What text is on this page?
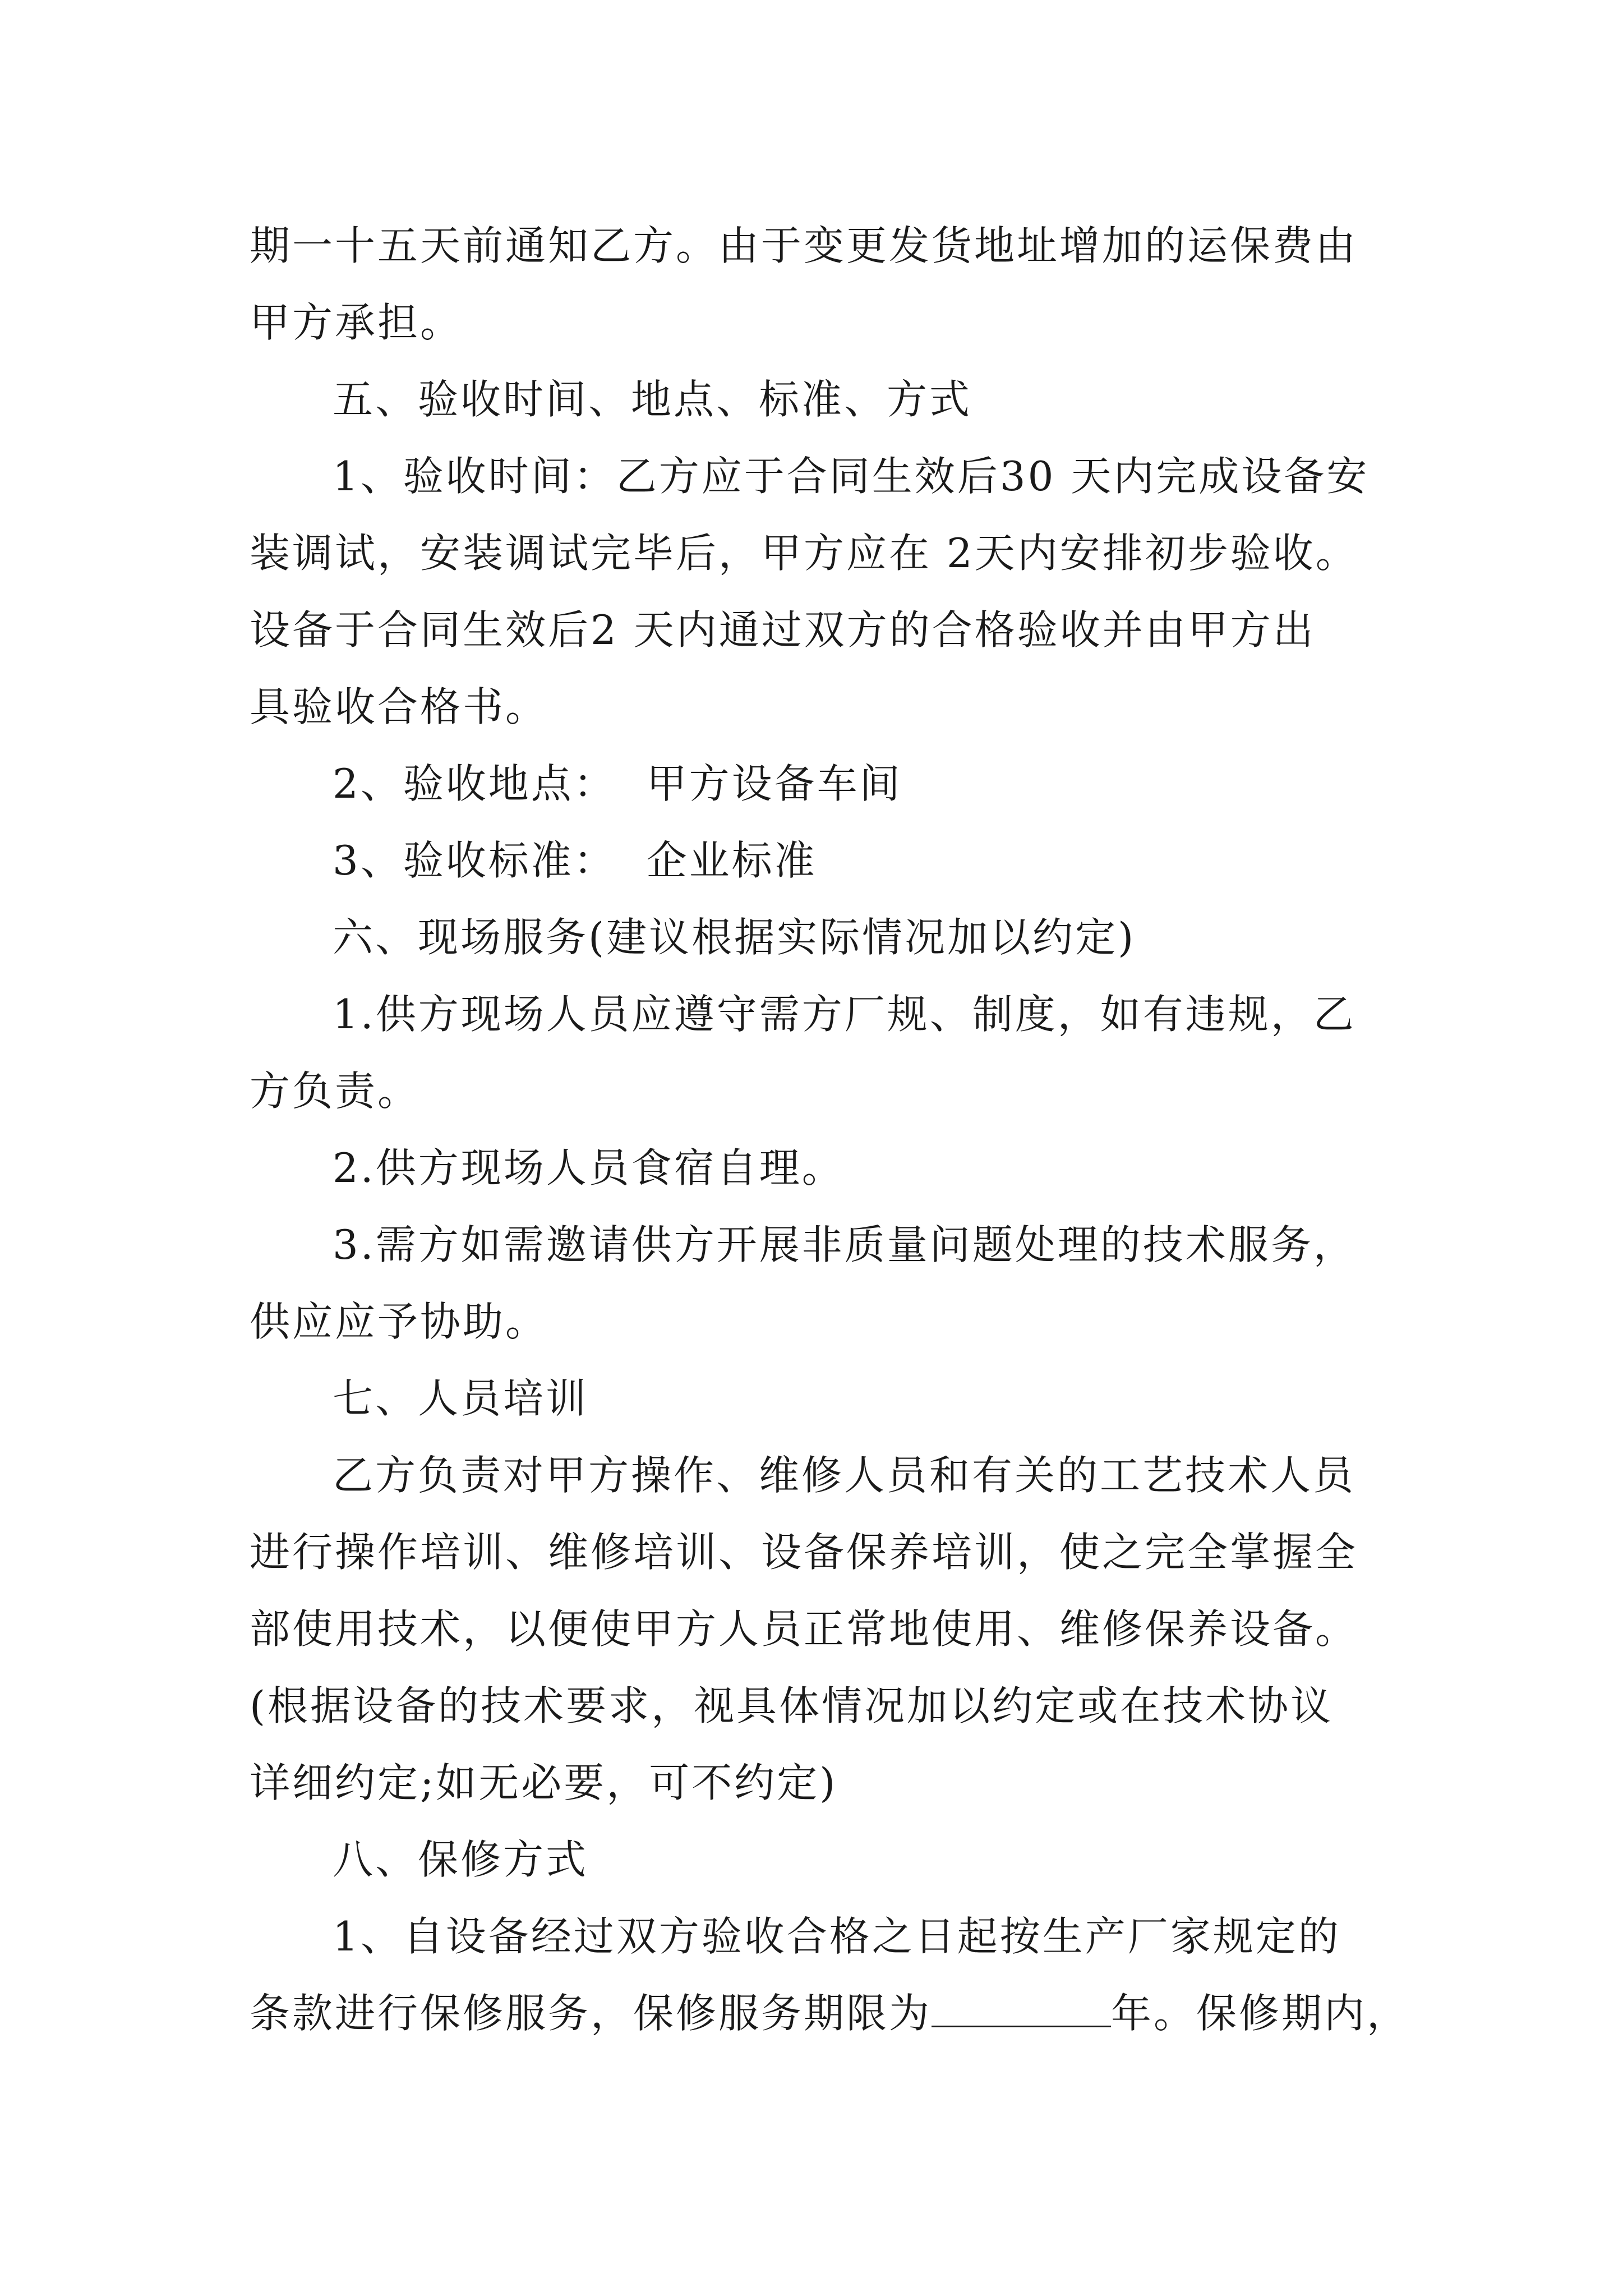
期一十五天前通知乙方。由于变更发货地址增加的运保费由
甲方承担。
五、验收时间、地点、标准、方式
1、验收时间：乙方应于合同生效后30 天内完成设备安
装调试，安装调试完毕后，甲方应在 2天内安排初步验收。
设备于合同生效后2 天内通过双方的合格验收并由甲方出
具验收合格书。
2、验收地点：  甲方设备车间
3、验收标准：  企业标准
六、现场服务(建议根据实际情况加以约定)
1.供方现场人员应遵守需方厂规、制度，如有违规，乙
方负责。
2.供方现场人员食宿自理。
3.需方如需邀请供方开展非质量问题处理的技术服务，
供应应予协助。
七、人员培训
乙方负责对甲方操作、维修人员和有关的工艺技术人员
进行操作培训、维修培训、设备保养培训，使之完全掌握全
部使用技术，以便使甲方人员正常地使用、维修保养设备。
(根据设备的技术要求，视具体情况加以约定或在技术协议
详细约定;如无必要，可不约定)
八、保修方式
1、自设备经过双方验收合格之日起按生产厂家规定的
条款进行保修服务，保修服务期限为	年。保修期内，
